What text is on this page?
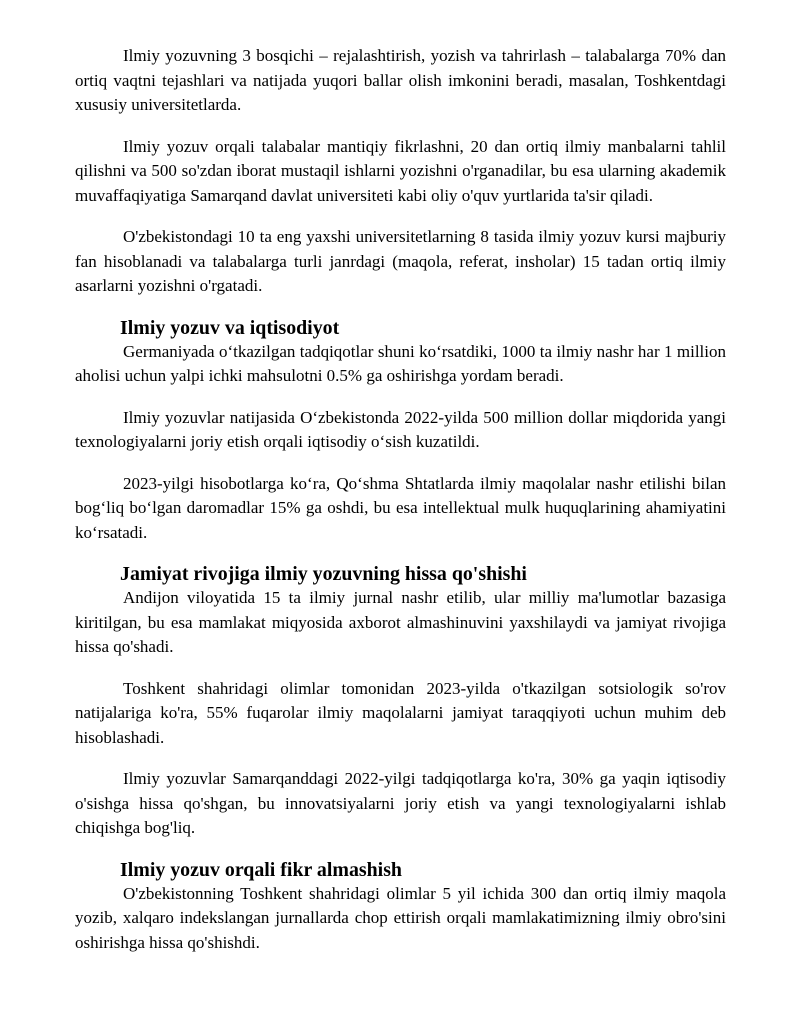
Ilmiy yozuvning 3 bosqichi – rejalashtirish, yozish va tahrirlash – talabalarga 70% dan ortiq vaqtni tejashlari va natijada yuqori ballar olish imkonini beradi, masalan, Toshkentdagi xususiy universitetlarda.

Ilmiy yozuv orqali talabalar mantiqiy fikrlashni, 20 dan ortiq ilmiy manbalarni tahlil qilishni va 500 so'zdan iborat mustaqil ishlarni yozishni o'rganadilar, bu esa ularning akademik muvaffaqiyatiga Samarqand davlat universiteti kabi oliy o'quv yurtlarida ta'sir qiladi.

O'zbekistondagi 10 ta eng yaxshi universitetlarning 8 tasida ilmiy yozuv kursi majburiy fan hisoblanadi va talabalarga turli janrdagi (maqola, referat, insholar) 15 tadan ortiq ilmiy asarlarni yozishni o'rgatadi.

Ilmiy yozuv va iqtisodiyot

Germaniyada oʻtkazilgan tadqiqotlar shuni koʻrsatdiki, 1000 ta ilmiy nashr har 1 million aholisi uchun yalpi ichki mahsulotni 0.5% ga oshirishga yordam beradi.

Ilmiy yozuvlar natijasida Oʻzbekistonda 2022-yilda 500 million dollar miqdorida yangi texnologiyalarni joriy etish orqali iqtisodiy oʻsish kuzatildi.

2023-yilgi hisobotlarga koʻra, Qoʻshma Shtatlarda ilmiy maqolalar nashr etilishi bilan bogʻliq boʻlgan daromadlar 15% ga oshdi, bu esa intellektual mulk huquqlarining ahamiyatini koʻrsatadi.

Jamiyat rivojiga ilmiy yozuvning hissa qo'shishi

Andijon viloyatida 15 ta ilmiy jurnal nashr etilib, ular milliy ma'lumotlar bazasiga kiritilgan, bu esa mamlakat miqyosida axborot almashinuvini yaxshilaydi va jamiyat rivojiga hissa qo'shadi.

Toshkent shahridagi olimlar tomonidan 2023-yilda o'tkazilgan sotsiologik so'rov natijalariga ko'ra, 55% fuqarolar ilmiy maqolalarni jamiyat taraqqiyoti uchun muhim deb hisoblashadi.

Ilmiy yozuvlar Samarqanddagi 2022-yilgi tadqiqotlarga ko'ra, 30% ga yaqin iqtisodiy o'sishga hissa qo'shgan, bu innovatsiyalarni joriy etish va yangi texnologiyalarni ishlab chiqishga bog'liq.

Ilmiy yozuv orqali fikr almashish

O'zbekistonning Toshkent shahridagi olimlar 5 yil ichida 300 dan ortiq ilmiy maqola yozib, xalqaro indekslangan jurnallarda chop ettirish orqali mamlakatimizning ilmiy obro'sini oshirishga hissa qo'shishdi.
